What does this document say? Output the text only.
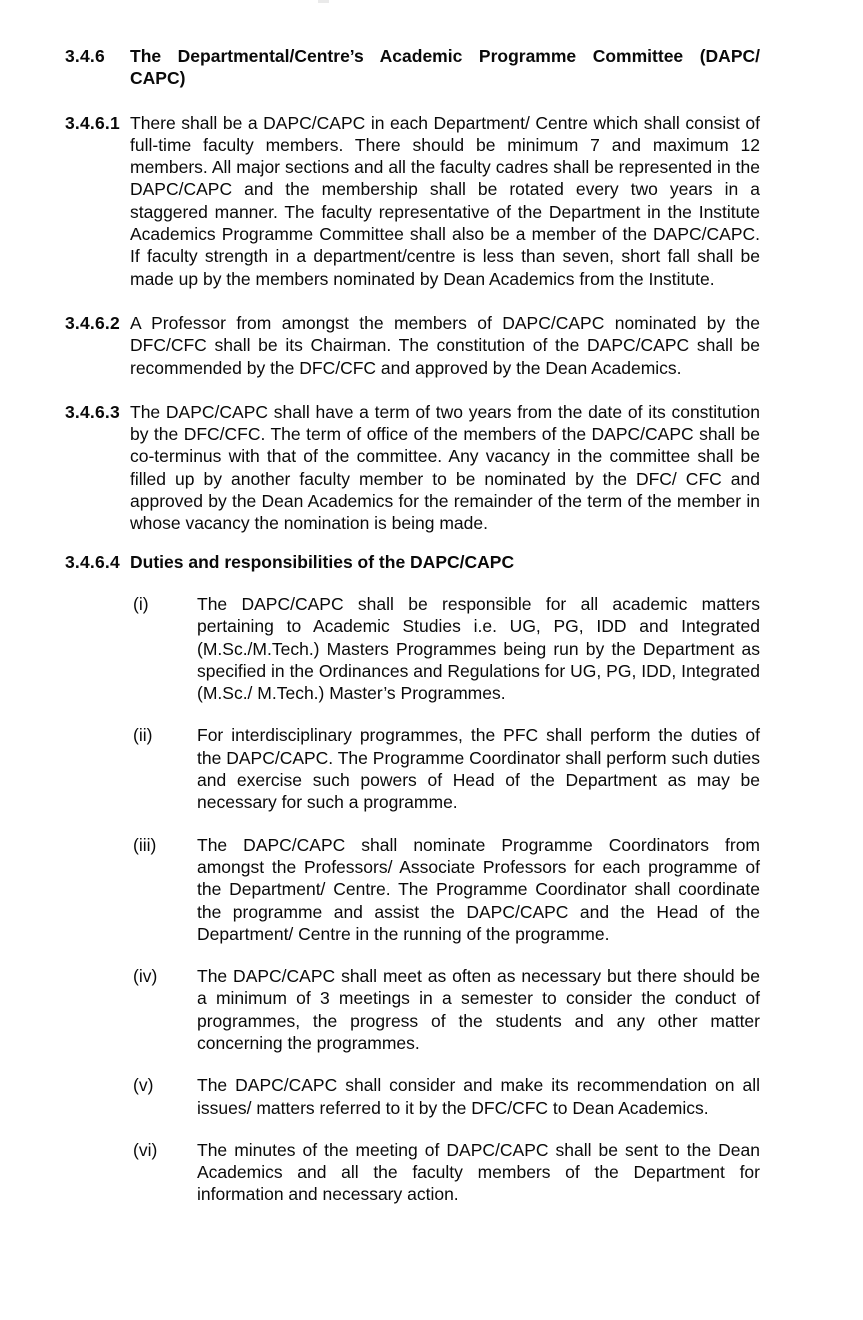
3.4.6	The Departmental/Centre’s Academic Programme Committee (DAPC/ CAPC)
3.4.6.1 There shall be a DAPC/CAPC in each Department/ Centre which shall consist of full-time faculty members. There should be minimum 7 and maximum 12 members. All major sections and all the faculty cadres shall be represented in the DAPC/CAPC and the membership shall be rotated every two years in a staggered manner. The faculty representative of the Department in the Institute Academics Programme Committee shall also be a member of the DAPC/CAPC. If faculty strength in a department/centre is less than seven, short fall shall be made up by the members nominated by Dean Academics from the Institute.
3.4.6.2 A Professor from amongst the members of DAPC/CAPC nominated by the DFC/CFC shall be its Chairman. The constitution of the DAPC/CAPC shall be recommended by the DFC/CFC and approved by the Dean Academics.
3.4.6.3 The DAPC/CAPC shall have a term of two years from the date of its constitution by the DFC/CFC. The term of office of the members of the DAPC/CAPC shall be co-terminus with that of the committee. Any vacancy in the committee shall be filled up by another faculty member to be nominated by the DFC/ CFC and approved by the Dean Academics for the remainder of the term of the member in whose vacancy the nomination is being made.
3.4.6.4 Duties and responsibilities of the DAPC/CAPC
(i)	The DAPC/CAPC shall be responsible for all academic matters pertaining to Academic Studies i.e. UG, PG, IDD and Integrated (M.Sc./M.Tech.) Masters Programmes being run by the Department as specified in the Ordinances and Regulations for UG, PG, IDD, Integrated (M.Sc./ M.Tech.) Master’s Programmes.
(ii)	For interdisciplinary programmes, the PFC shall perform the duties of the DAPC/CAPC. The Programme Coordinator shall perform such duties and exercise such powers of Head of the Department as may be necessary for such a programme.
(iii)	The DAPC/CAPC shall nominate Programme Coordinators from amongst the Professors/ Associate Professors for each programme of the Department/ Centre. The Programme Coordinator shall coordinate the programme and assist the DAPC/CAPC and the Head of the Department/ Centre in the running of the programme.
(iv)	The DAPC/CAPC shall meet as often as necessary but there should be a minimum of 3 meetings in a semester to consider the conduct of programmes, the progress of the students and any other matter concerning the programmes.
(v)	The DAPC/CAPC shall consider and make its recommendation on all issues/ matters referred to it by the DFC/CFC to Dean Academics.
(vi)	The minutes of the meeting of DAPC/CAPC shall be sent to the Dean Academics and all the faculty members of the Department for information and necessary action.
